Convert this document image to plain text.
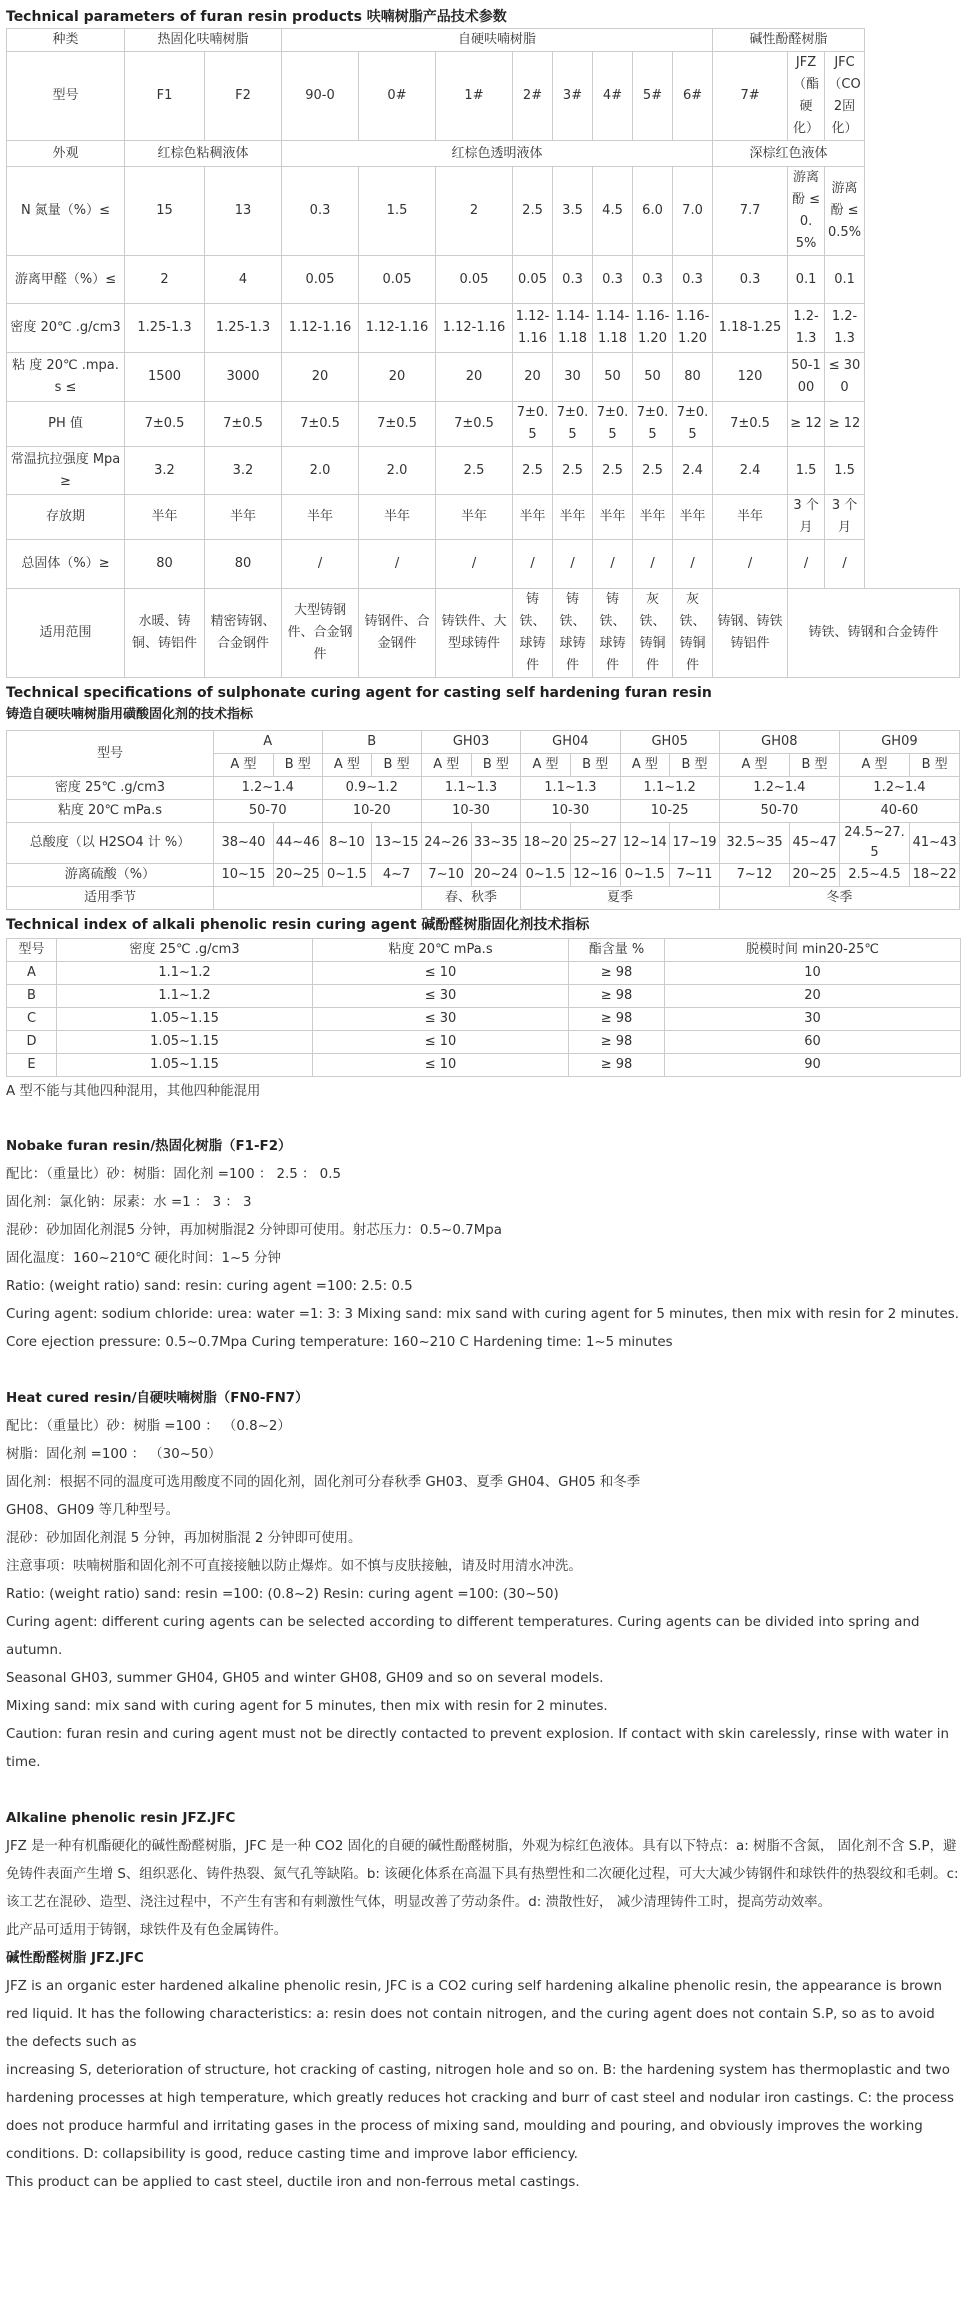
Technical parameters of furan resin products 呋喃树脂产品技术参数
种类	热固化呋喃树脂		自硬呋喃树脂								碱性酚醛树脂		
型号	F1	F2	90-0	0#	1#	2#	3#	4#	5#	6#	7#	JFZ（酯硬化）	JFC（CO2固化）
外观	红棕色粘稠液体		红棕色透明液体								深棕红色液体		
N 氮量（%）≤	15	13	0.3	1.5	2	2.5	3.5	4.5	6.0	7.0	7.7	游离酚 ≤ 0.5%	游离酚 ≤ 0.5%
游离甲醛（%）≤	2	4	0.05	0.05	0.05	0.05	0.3	0.3	0.3	0.3	0.3	0.1	0.1
密度 20℃ .g/cm3	1.25-1.3	1.25-1.3	1.12-1.16	1.12-1.16	1.12-1.16	1.12-1.16	1.14-1.18	1.14-1.18	1.16-1.20	1.16-1.20	1.18-1.25	1.2-1.3	1.2-1.3
粘 度 20℃ .mpa.s ≤	1500	3000	20	20	20	20	30	50	50	80	120	50-100	≤ 300
PH 值	7±0.5	7±0.5	7±0.5	7±0.5	7±0.5	7±0.5	7±0.5	7±0.5	7±0.5	7±0.5	7±0.5	≥ 12	≥ 12
常温抗拉强度 Mpa ≥	3.2	3.2	2.0	2.0	2.5	2.5	2.5	2.5	2.5	2.4	2.4	1.5	1.5
存放期	半年	半年	半年	半年	半年	半年	半年	半年	半年	半年	半年	3 个月	3 个月
总固体（%）≥	80	80	/	/	/	/	/	/	/	/	/	/	/
适用范围	水暖、铸铜、铸铝件	精密铸钢、合金钢件	大型铸钢件、合金钢件	铸钢件、合金钢件	铸铁件、大型球铸件	铸铁、球铸件	铸铁、球铸件	铸铁、球铸件	灰铁、铸铜件	灰铁、铸铜件	铸钢、铸铁铸铝件	铸铁、铸钢和合金铸件	
Technical specifications of sulphonate curing agent for casting self hardening furan resin
铸造自硬呋喃树脂用磺酸固化剂的技术指标
型号	A		B		GH03		GH04		GH05		GH08		GH09	
	A 型	B 型	A 型	B 型	A 型	B 型	A 型	B 型	A 型	B 型	A 型	B 型	A 型	B 型
密度 25℃ .g/cm3	1.2~1.4		0.9~1.2		1.1~1.3		1.1~1.3		1.1~1.2		1.2~1.4		1.2~1.4	
粘度 20℃ mPa.s	50-70		10-20		10-30		10-30		10-25		50-70		40-60	
总酸度（以 H2SO4 计 %）	38~40	44~46	8~10	13~15	24~26	33~35	18~20	25~27	12~14	17~19	32.5~35	45~47	24.5~27.5	41~43
游离硫酸（%）	10~15	20~25	0~1.5	4~7	7~10	20~24	0~1.5	12~16	0~1.5	7~11	7~12	20~25	2.5~4.5	18~22
适用季节					春、秋季		夏季				冬季			
Technical index of alkali phenolic resin curing agent 碱酚醛树脂固化剂技术指标
型号	密度 25℃ .g/cm3	粘度 20℃ mPa.s	酯含量 %	脱模时间 min20-25℃
A	1.1~1.2	≤ 10	≥ 98	10
B	1.1~1.2	≤ 30	≥ 98	20
C	1.05~1.15	≤ 30	≥ 98	30
D	1.05~1.15	≤ 10	≥ 98	60
E	1.05~1.15	≤ 10	≥ 98	90

A 型不能与其他四种混用，其他四种能混用

Nobake furan resin/热固化树脂（F1-F2）

配比：（重量比）砂：树脂：固化剂 =100 ： 2.5 ： 0.5

固化剂：氯化钠：尿素：水 =1 ： 3 ： 3

混砂：砂加固化剂混5 分钟，再加树脂混2 分钟即可使用。射芯压力：0.5~0.7Mpa

固化温度：160~210℃ 硬化时间：1~5 分钟

Ratio: (weight ratio) sand: resin: curing agent =100: 2.5: 0.5

Curing agent: sodium chloride: urea: water =1: 3: 3 Mixing sand: mix sand with curing agent for 5 minutes, then mix with resin for 2 minutes.

Core ejection pressure: 0.5~0.7Mpa Curing temperature: 160~210 C Hardening time: 1~5 minutes

Heat cured resin/自硬呋喃树脂（FN0-FN7）

配比：（重量比）砂：树脂 =100 ： （0.8~2）

树脂：固化剂 =100 ： （30~50）

固化剂：根据不同的温度可选用酸度不同的固化剂，固化剂可分春秋季 GH03、夏季 GH04、GH05 和冬季

GH08、GH09 等几种型号。

混砂：砂加固化剂混 5 分钟，再加树脂混 2 分钟即可使用。

注意事项：呋喃树脂和固化剂不可直接接触以防止爆炸。如不慎与皮肤接触，请及时用清水冲洗。

Ratio: (weight ratio) sand: resin =100: (0.8~2) Resin: curing agent =100: (30~50)

Curing agent: different curing agents can be selected according to different temperatures. Curing agents can be divided into spring and autumn.

Seasonal GH03, summer GH04, GH05 and winter GH08, GH09 and so on several models.

Mixing sand: mix sand with curing agent for 5 minutes, then mix with resin for 2 minutes.

Caution: furan resin and curing agent must not be directly contacted to prevent explosion. If contact with skin carelessly, rinse with water in time.

Alkaline phenolic resin JFZ.JFC

JFZ 是一种有机酯硬化的碱性酚醛树脂，JFC 是一种 CO2 固化的自硬的碱性酚醛树脂，外观为棕红色液体。具有以下特点：a: 树脂不含氮， 固化剂不含 S.P，避免铸件表面产生增 S、组织恶化、铸件热裂、氮气孔等缺陷。b: 该硬化体系在高温下具有热塑性和二次硬化过程，可大大减少铸钢件和球铁件的热裂纹和毛刺。c: 该工艺在混砂、造型、浇注过程中，不产生有害和有刺激性气体，明显改善了劳动条件。d: 溃散性好， 减少清理铸件工时，提高劳动效率。

此产品可适用于铸钢，球铁件及有色金属铸件。

碱性酚醛树脂 JFZ.JFC

JFZ is an organic ester hardened alkaline phenolic resin, JFC is a CO2 curing self hardening alkaline phenolic resin, the appearance is brown red liquid. It has the following characteristics: a: resin does not contain nitrogen, and the curing agent does not contain S.P, so as to avoid the defects such as

increasing S, deterioration of structure, hot cracking of casting, nitrogen hole and so on. B: the hardening system has thermoplastic and two hardening processes at high temperature, which greatly reduces hot cracking and burr of cast steel and nodular iron castings. C: the process does not produce harmful and irritating gases in the process of mixing sand, moulding and pouring, and obviously improves the working conditions. D: collapsibility is good, reduce casting time and improve labor efficiency.

This product can be applied to cast steel, ductile iron and non-ferrous metal castings.
